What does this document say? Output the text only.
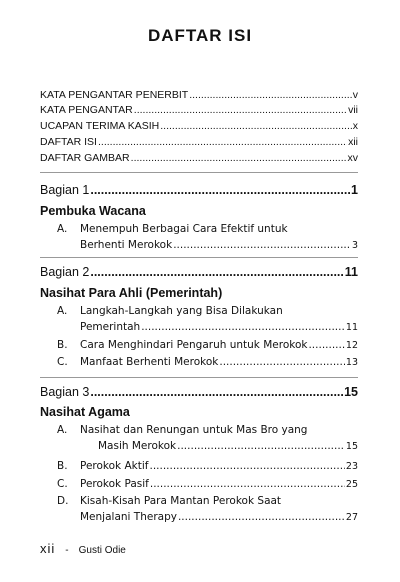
DAFTAR ISI
KATA PENGANTAR PENERBIT .....	v
KATA PENGANTAR .....	vii
UCAPAN TERIMA KASIH .....	x
DAFTAR ISI .....	xii
DAFTAR GAMBAR .....	xv
Bagian 1 .....	1
Pembuka Wacana
A. Menempuh Berbagai Cara Efektif untuk
Berhenti Merokok .....	3
Bagian 2 .....	11
Nasihat Para Ahli (Pemerintah)
A. Langkah-Langkah yang Bisa Dilakukan
Pemerintah .....	11
B. Cara Menghindari Pengaruh untuk Merokok .....	12
C. Manfaat Berhenti Merokok .....	13
Bagian 3 .....	15
Nasihat Agama
A. Nasihat dan Renungan untuk Mas Bro yang
Masih Merokok .....	15
B. Perokok Aktif .....	23
C. Perokok Pasif .....	25
D. Kisah-Kisah Para Mantan Perokok Saat
Menjalani Therapy .....	27
xii - Gusti Odie
